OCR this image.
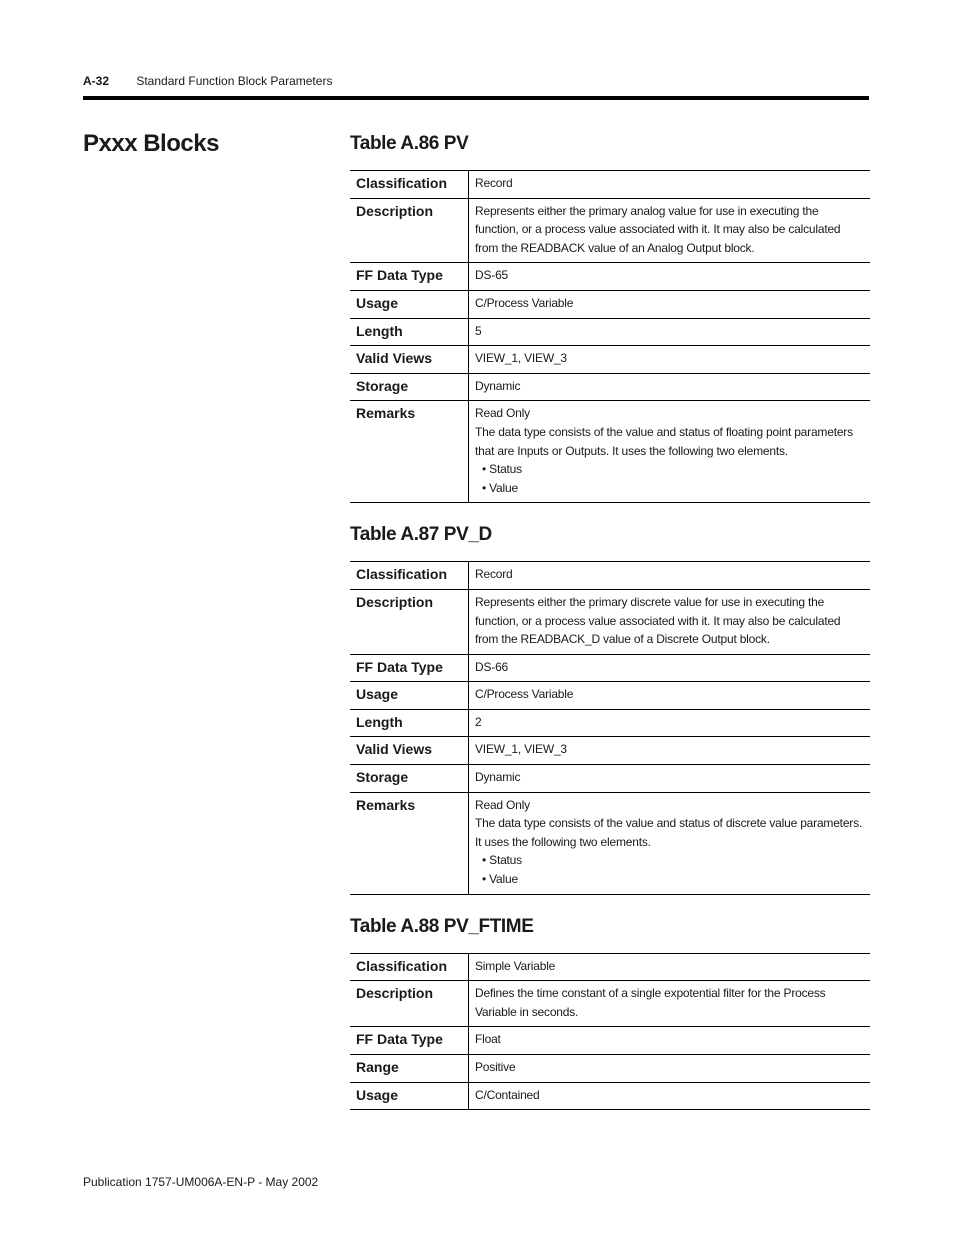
A-32 Standard Function Block Parameters
Pxxx Blocks	Table A.86 PV
Classification	Record

Description	Represents either the primary analog value for use in executing the function, or a process value associated with it. It may also be calculated from the READBACK value of an Analog Output block.

FF Data Type	DS-65

Usage	C/Process Variable

Length	5

Valid Views	VIEW_1, VIEW_3

Storage	Dynamic

Remarks	Read Only
The data type consists of the value and status of floating point parameters that are Inputs or Outputs. It uses the following two elements.
• Status
• Value
Table A.87 PV_D
Classification	Record

Description	Represents either the primary discrete value for use in executing the function, or a process value associated with it. It may also be calculated from the READBACK_D value of a Discrete Output block.

FF Data Type	DS-66

Usage	C/Process Variable

Length	2

Valid Views	VIEW_1, VIEW_3

Storage	Dynamic

Remarks	Read Only
The data type consists of the value and status of discrete value parameters. It uses the following two elements.
• Status
• Value
Table A.88 PV_FTIME
Classification	Simple Variable

Description	Defines the time constant of a single expotential filter for the Process Variable in seconds.

FF Data Type	Float

Range	Positive

Usage	C/Contained
Publication 1757-UM006A-EN-P - May 2002
